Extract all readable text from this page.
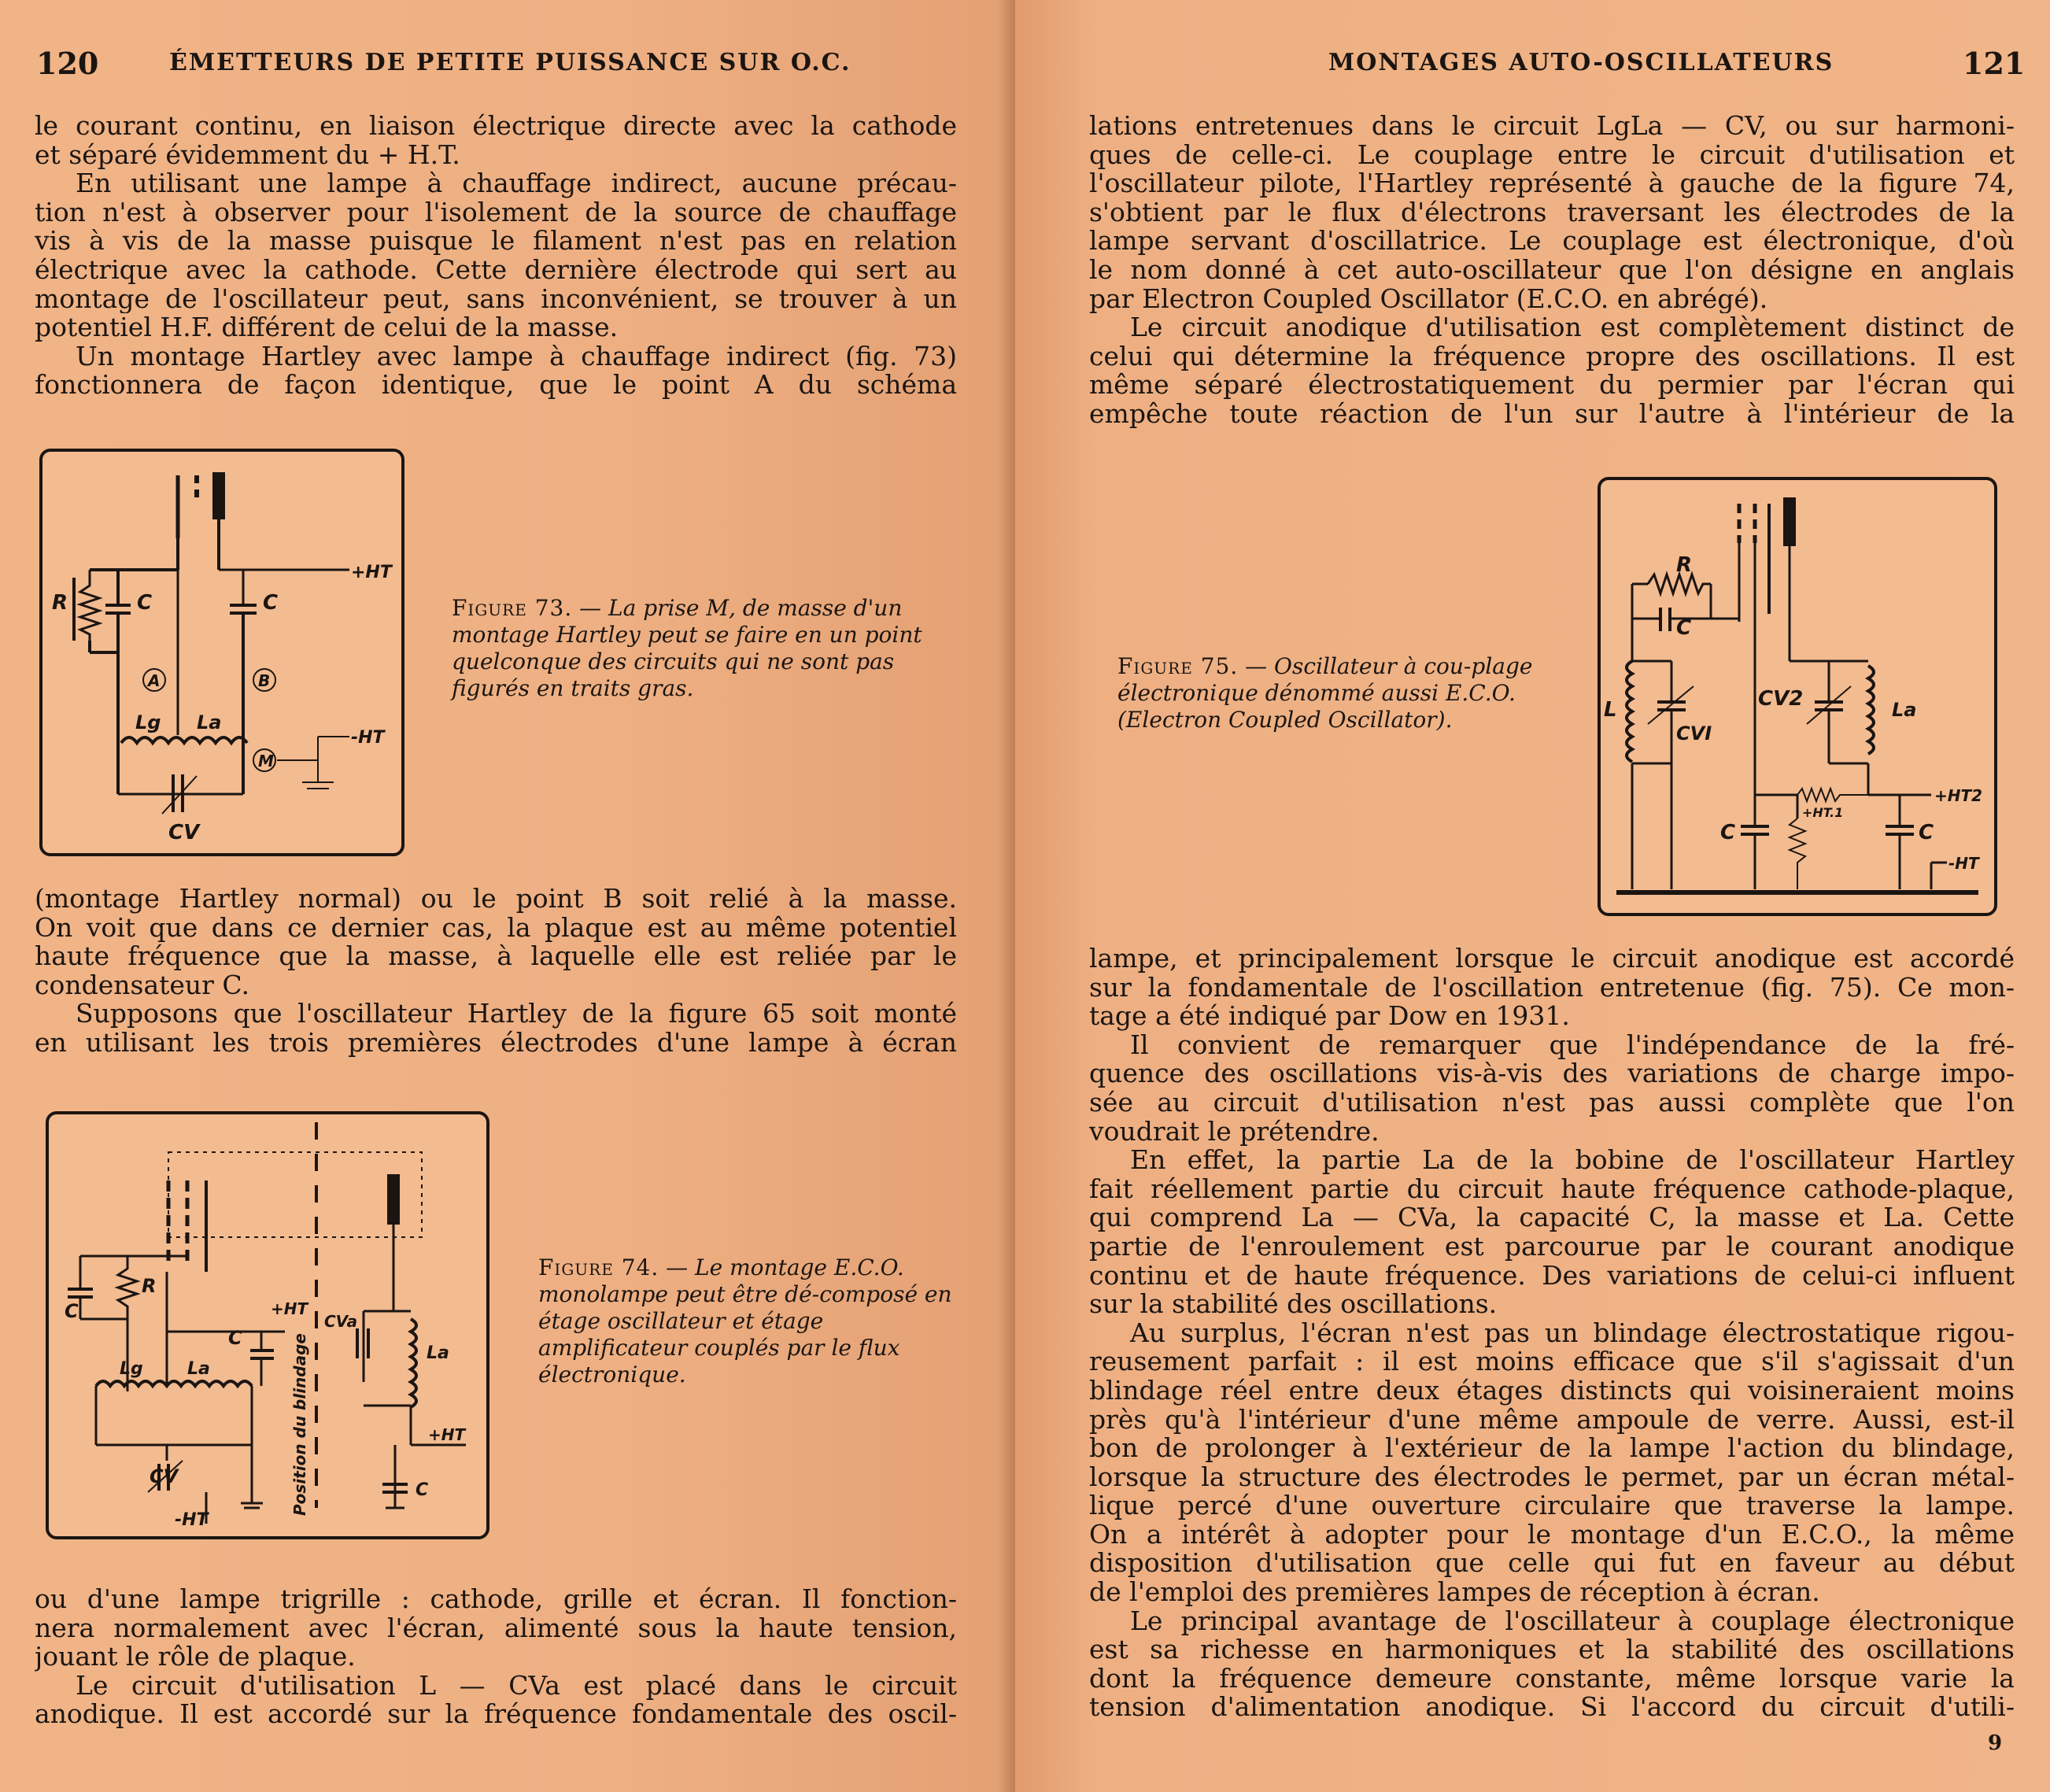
120	ÉMETTEURS DE PETITE PUISSANCE SUR O.C.
le courant continu, en liaison électrique directe avec la cathode
et séparé évidemment du + H.T.
En utilisant une lampe à chauffage indirect, aucune précau-
tion n'est à observer pour l'isolement de la source de chauffage
vis à vis de la masse puisque le filament n'est pas en relation
électrique avec la cathode. Cette dernière électrode qui sert au
montage de l'oscillateur peut, sans inconvénient, se trouver à un
potentiel H.F. différent de celui de la masse.
Un montage Hartley avec lampe à chauffage indirect (fig. 73)
fonctionnera de façon identique, que le point A du schéma
R	C	C
A	B
Lg La
M
CV
+HT
-HT
Figure 73. — La prise M, de masse d'un montage Hartley peut se faire en un point quelconque des circuits qui ne sont pas figurés en traits gras.
(montage Hartley normal) ou le point B soit relié à la masse.
On voit que dans ce dernier cas, la plaque est au même potentiel
haute fréquence que la masse, à laquelle elle est reliée par le
condensateur C.
Supposons que l'oscillateur Hartley de la figure 65 soit monté
en utilisant les trois premières électrodes d'une lampe à écran
C
R
C
Lg	La
CV
-HT
+HT
CVa
La
+HT
C
Position du blindage
Figure 74. — Le montage E.C.O. monolampe peut être dé-composé en étage oscillateur et étage amplificateur couplés par le flux électronique.
ou d'une lampe trigrille : cathode, grille et écran. Il fonction-
nera normalement avec l'écran, alimenté sous la haute tension,
jouant le rôle de plaque.
Le circuit d'utilisation L — CVa est placé dans le circuit
anodique. Il est accordé sur la fréquence fondamentale des oscil-
MONTAGES AUTO-OSCILLATEURS	121
lations entretenues dans le circuit LgLa — CV, ou sur harmoni-
ques de celle-ci. Le couplage entre le circuit d'utilisation et
l'oscillateur pilote, l'Hartley représenté à gauche de la figure 74,
s'obtient par le flux d'électrons traversant les électrodes de la
lampe servant d'oscillatrice. Le couplage est électronique, d'où
le nom donné à cet auto-oscillateur que l'on désigne en anglais
par Electron Coupled Oscillator (E.C.O. en abrégé).
Le circuit anodique d'utilisation est complètement distinct de
celui qui détermine la fréquence propre des oscillations. Il est
même séparé électrostatiquement du permier par l'écran qui
empêche toute réaction de l'un sur l'autre à l'intérieur de la
Figure 75. — Oscillateur à cou-plage électronique dénommé aussi E.C.O. (Electron Coupled Oscillator).
R
C
L
CVI
CV2	La
+HT2
+HT.1
C	C
-HT
lampe, et principalement lorsque le circuit anodique est accordé
sur la fondamentale de l'oscillation entretenue (fig. 75). Ce mon-
tage a été indiqué par Dow en 1931.
Il convient de remarquer que l'indépendance de la fré-
quence des oscillations vis-à-vis des variations de charge impo-
sée au circuit d'utilisation n'est pas aussi complète que l'on
voudrait le prétendre.
En effet, la partie La de la bobine de l'oscillateur Hartley
fait réellement partie du circuit haute fréquence cathode-plaque,
qui comprend La — CVa, la capacité C, la masse et La. Cette
partie de l'enroulement est parcourue par le courant anodique
continu et de haute fréquence. Des variations de celui-ci influent
sur la stabilité des oscillations.
Au surplus, l'écran n'est pas un blindage électrostatique rigou-
reusement parfait : il est moins efficace que s'il s'agissait d'un
blindage réel entre deux étages distincts qui voisineraient moins
près qu'à l'intérieur d'une même ampoule de verre. Aussi, est-il
bon de prolonger à l'extérieur de la lampe l'action du blindage,
lorsque la structure des électrodes le permet, par un écran métal-
lique percé d'une ouverture circulaire que traverse la lampe.
On a intérêt à adopter pour le montage d'un E.C.O., la même
disposition d'utilisation que celle qui fut en faveur au début
de l'emploi des premières lampes de réception à écran.
Le principal avantage de l'oscillateur à couplage électronique
est sa richesse en harmoniques et la stabilité des oscillations
dont la fréquence demeure constante, même lorsque varie la
tension d'alimentation anodique. Si l'accord du circuit d'utili-
9
